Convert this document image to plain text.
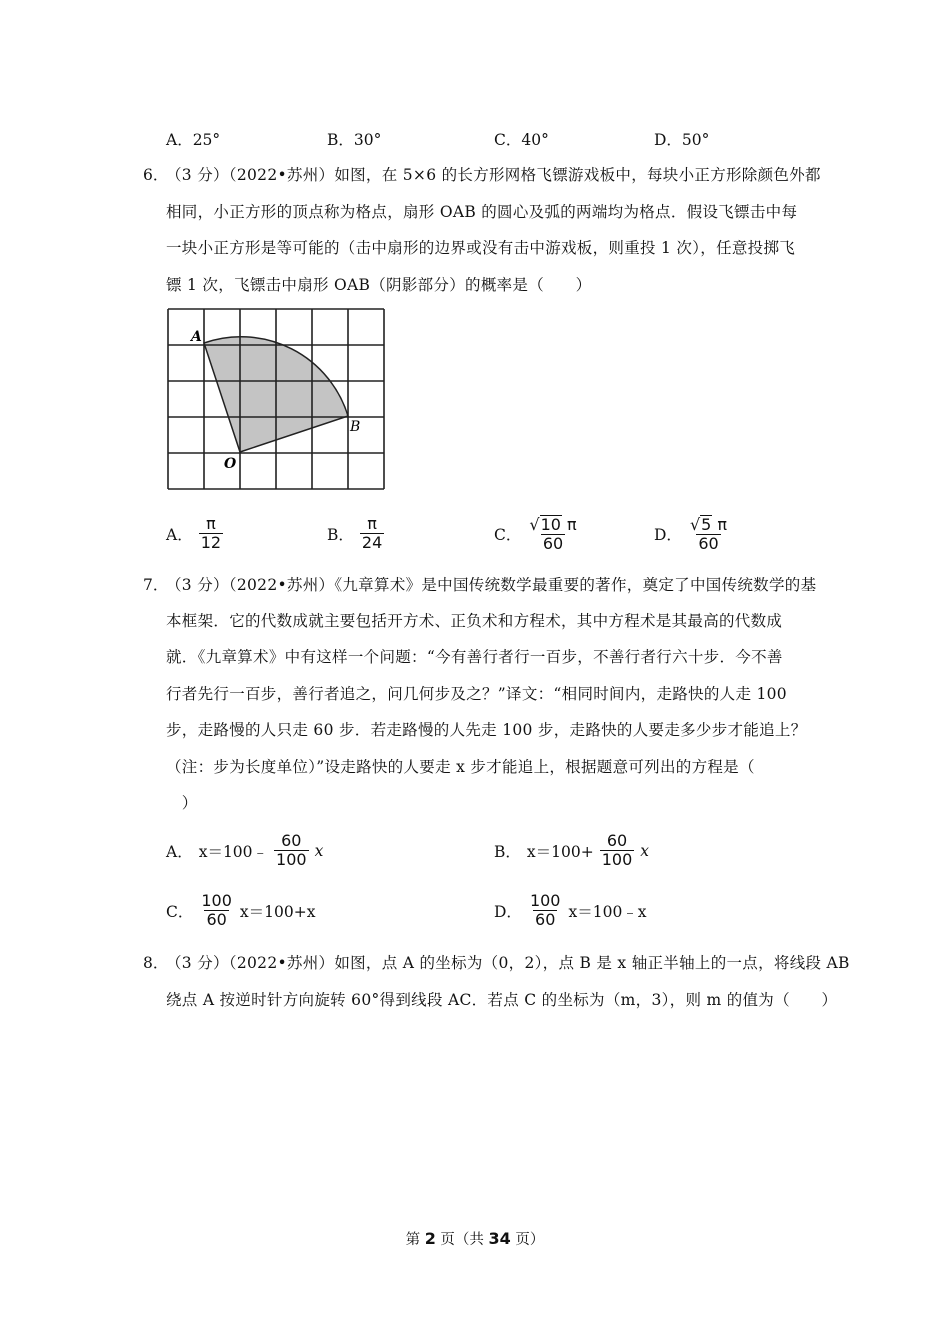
A．25°	B．30°	C．40°	D．50°
6．
（3 分）（2022•苏州）如图，在 5×6 的长方形网格飞镖游戏板中，每块小正方形除颜色外都
相同，小正方形的顶点称为格点，扇形 OAB 的圆心及弧的两端均为格点．假设飞镖击中每
一块小正方形是等可能的（击中扇形的边界或没有击中游戏板，则重投 1 次），任意投掷飞
镖 1 次，飞镖击中扇形 OAB（阴影部分）的概率是（　　）
A
B
O
A． $\frac{\pi}{12}$	B． $\frac{\pi}{24}$	C． $\frac{√ 10 \pi}{60}$	D． $\frac{√ 5 \pi}{60}$
7．
（3 分）（2022•苏州）《九章算术》是中国传统数学最重要的著作，奠定了中国传统数学的基
本框架．它的代数成就主要包括开方术、正负术和方程术，其中方程术是其最高的代数成
就．《九章算术》中有这样一个问题：“今有善行者行一百步，不善行者行六十步．今不善
行者先行一百步，善行者追之，问几何步及之？”译文：“相同时间内，走路快的人走 100
步，走路慢的人只走 60 步．若走路慢的人先走 100 步，走路快的人要走多少步才能追上？
（注：步为长度单位）”设走路快的人要走 x 步才能追上，根据题意可列出的方程是（
　）
A． x＝100﹣ $\frac{60}{100}$ x	B． $x=100+ \frac{60}{100}$ x
C． $\frac{100}{60} x=100+x$	D． $\frac{100}{60}$ x＝100﹣x
8．
（3 分）（2022•苏州）如图，点 A 的坐标为（0，2），点 B 是 x 轴正半轴上的一点，将线段 AB
绕点 A 按逆时针方向旋转 60°得到线段 AC．若点 C 的坐标为（m，3），则 m 的值为（　　）
第 2 页（共 34 页）
